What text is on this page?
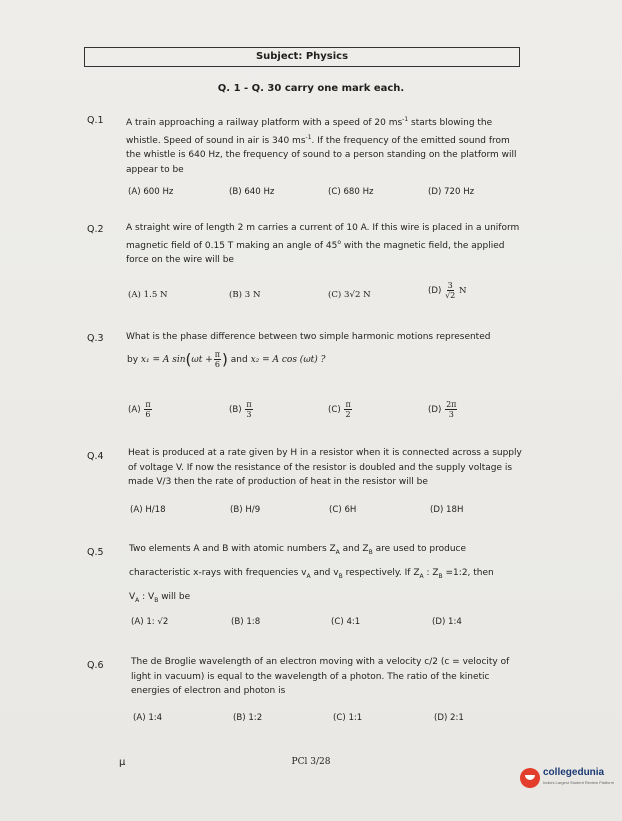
Subject: Physics
Q. 1 - Q. 30 carry one mark each.
Q.1 A train approaching a railway platform with a speed of 20 $ms^{-1}$ starts blowing the whistle. Speed of sound in air is 340 $ms^{-1}$. If the frequency of the emitted sound from the whistle is 640 Hz, the frequency of sound to a person standing on the platform will appear to be
(A) 600 Hz	(B) 640 Hz	(C) 680 Hz	(D) 720 Hz
Q.2 A straight wire of length 2 m carries a current of 10 A. If this wire is placed in a uniform magnetic field of 0.15 T making an angle of 45$^o$ with the magnetic field, the applied force on the wire will be
(A) 1.5 N	(B) 3 N	(C) 3√2 N	$(D) \frac{3}{√2}$ N
Q.3 What is the phase difference between two simple harmonic motions represented
by x₁ = A $\sin(\omega t + \frac{\pi}{6}$ ) and x₂ = A cos (ωt) ?
$(A) \frac{\pi}{6}$	$(B) \frac{\pi}{3}$	$(C) \frac{\pi}{2}$	$(D) \frac{2\pi}{3}$
Q.4	Heat is produced at a rate given by H in a resistor when it is connected across a supply of voltage V. If now the resistance of the resistor is doubled and the supply voltage is made V/3 then the rate of production of heat in the resistor will be
(A) H/18	(B) H/9	(C) 6H	(D) 18H
Q.5	Two elements A and B with atomic numbers $Z_A$ and $Z_B$ are used to produce characteristic x-rays with frequencies $v_A$ and $v_B$ respectively. If $Z_A$ : $Z_B$ =1:2, then
$V_A$ : $V_B$ will be
(A) 1: √2	(B) 1:8	(C) 4:1	(D) 1:4
Q.6	The de Broglie wavelength of an electron moving with a velocity c/2 (c = velocity of light in vacuum) is equal to the wavelength of a photon. The ratio of the kinetic energies of electron and photon is
(A) 1:4	(B) 1:2	(C) 1:1	(D) 2:1
µ	PCl 3/28
collegedunia
India's Largest Student Review Platform
